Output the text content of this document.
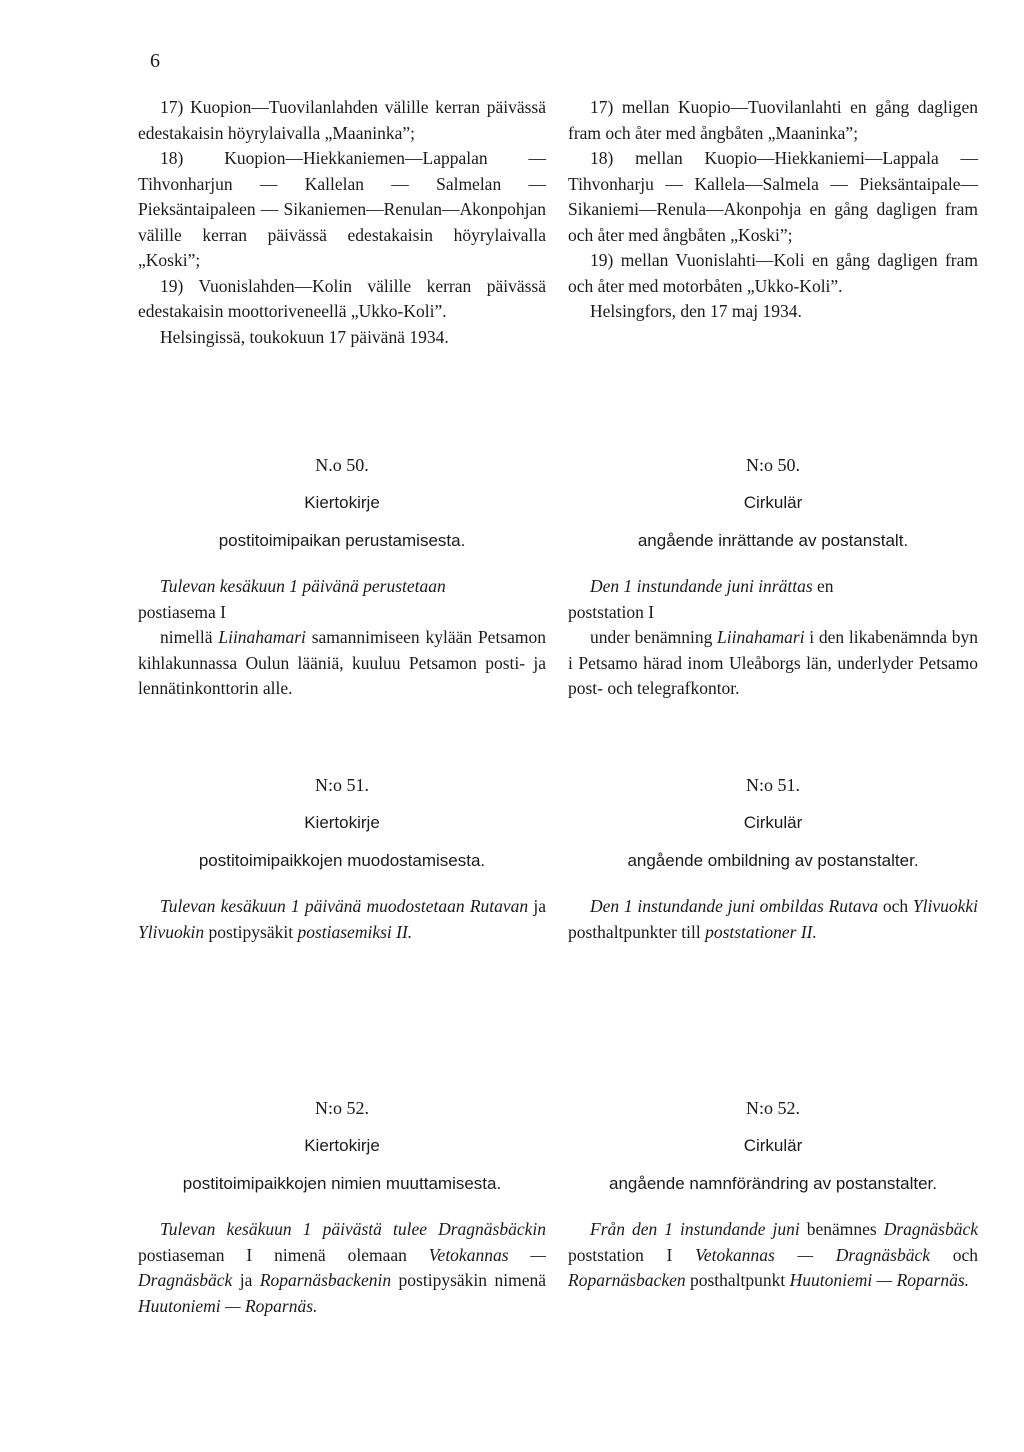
6

17) Kuopion—Tuovilanlahden välille kerran päivässä edestakaisin höyrylaivalla „Maaninka”;

18) Kuopion—Hiekkaniemen—Lappalan — Tihvonharjun — Kallelan — Salmelan — Pieksäntaipaleen — Sikaniemen—Renulan—Akonpohjan välille kerran päivässä edestakaisin höyrylaivalla „Koski”;

19) Vuonislahden—Kolin välille kerran päivässä edestakaisin moottoriveneellä „Ukko-Koli”.

Helsingissä, toukokuun 17 päivänä 1934.

17) mellan Kuopio—Tuovilanlahti en gång dagligen fram och åter med ångbåten „Maaninka”;

18) mellan Kuopio—Hiekkaniemi—Lappala — Tihvonharju — Kallela—Salmela — Pieksäntaipale—Sikaniemi—Renula—Akonpohja en gång dagligen fram och åter med ångbåten „Koski”;

19) mellan Vuonislahti—Koli en gång dagligen fram och åter med motorbåten „Ukko-Koli”.

Helsingfors, den 17 maj 1934.

N.o 50.

Kiertokirje

postitoimipaikan perustamisesta.

Tulevan kesäkuun 1 päivänä perustetaan

postiasema I

nimellä Liinahamari samannimiseen kylään Petsamon kihlakunnassa Oulun lääniä, kuuluu Petsamon posti- ja lennätinkonttorin alle.

N:o 50.

Cirkulär

angående inrättande av postanstalt.

Den 1 instundande juni inrättas en

poststation I

under benämning Liinahamari i den likabenämnda byn i Petsamo härad inom Uleåborgs län, underlyder Petsamo post- och telegrafkontor.

N:o 51.

Kiertokirje

postitoimipaikkojen muodostamisesta.

Tulevan kesäkuun 1 päivänä muodostetaan Rutavan ja Ylivuokin postipysäkit postiasemiksi II.

N:o 51.

Cirkulär

angående ombildning av postanstalter.

Den 1 instundande juni ombildas Rutava och Ylivuokki posthaltpunkter till poststationer II.

N:o 52.

Kiertokirje

postitoimipaikkojen nimien muuttamisesta.

Tulevan kesäkuun 1 päivästä tulee Dragnäsbäckin postiaseman I nimenä olemaan Vetokannas — Dragnäsbäck ja Roparnäsbackenin postipysäkin nimenä Huutoniemi — Roparnäs.

N:o 52.

Cirkulär

angående namnförändring av postanstalter.

Från den 1 instundande juni benämnes Dragnäsbäck poststation I Vetokannas — Dragnäsbäck och Roparnäsbacken posthaltpunkt Huutoniemi — Roparnäs.
